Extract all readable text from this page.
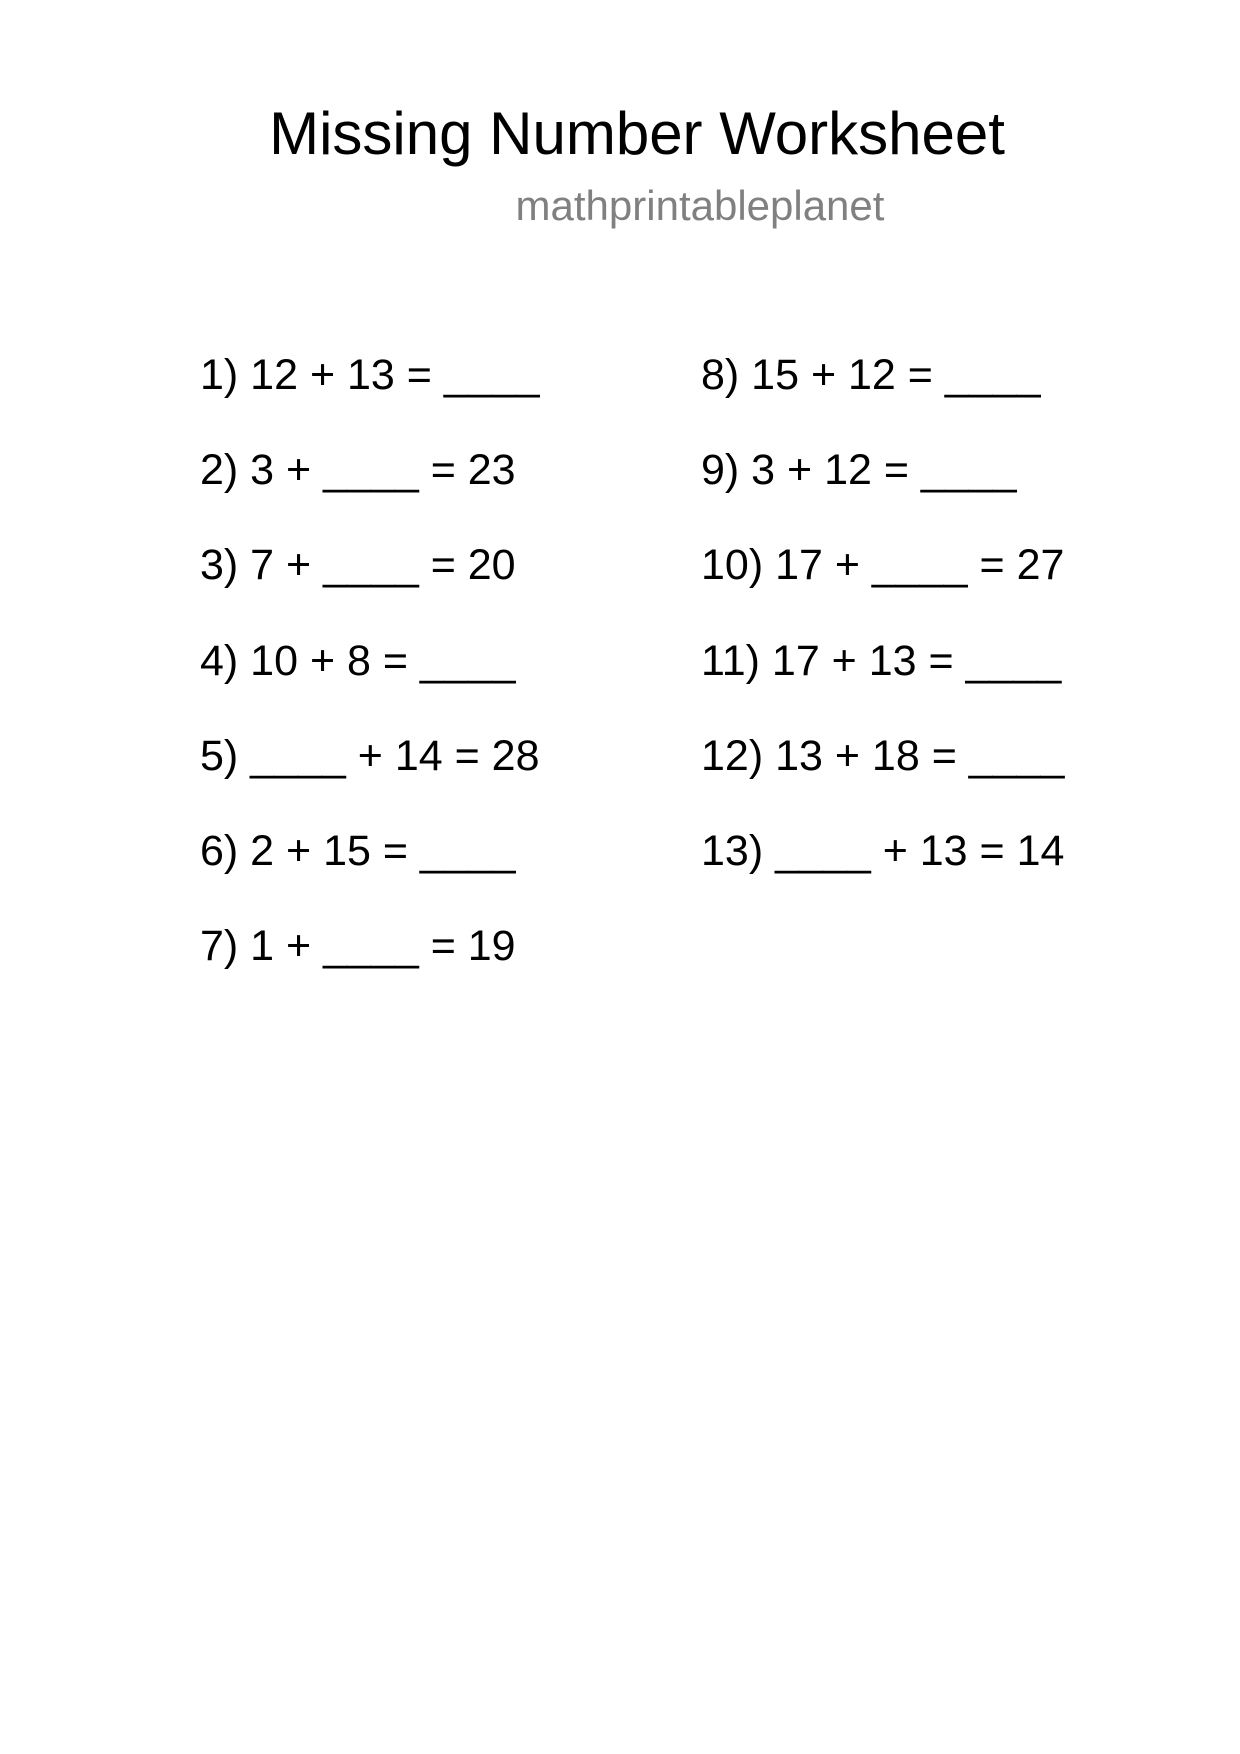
Missing Number Worksheet
mathprintableplanet
1) 12 + 13 = ____
2) 3 + ____ = 23
3) 7 + ____ = 20
4) 10 + 8 = ____
5) ____ + 14 = 28
6) 2 + 15 = ____
7) 1 + ____ = 19
8) 15 + 12 = ____
9) 3 + 12 = ____
10) 17 + ____ = 27
11) 17 + 13 = ____
12) 13 + 18 = ____
13) ____ + 13 = 14
